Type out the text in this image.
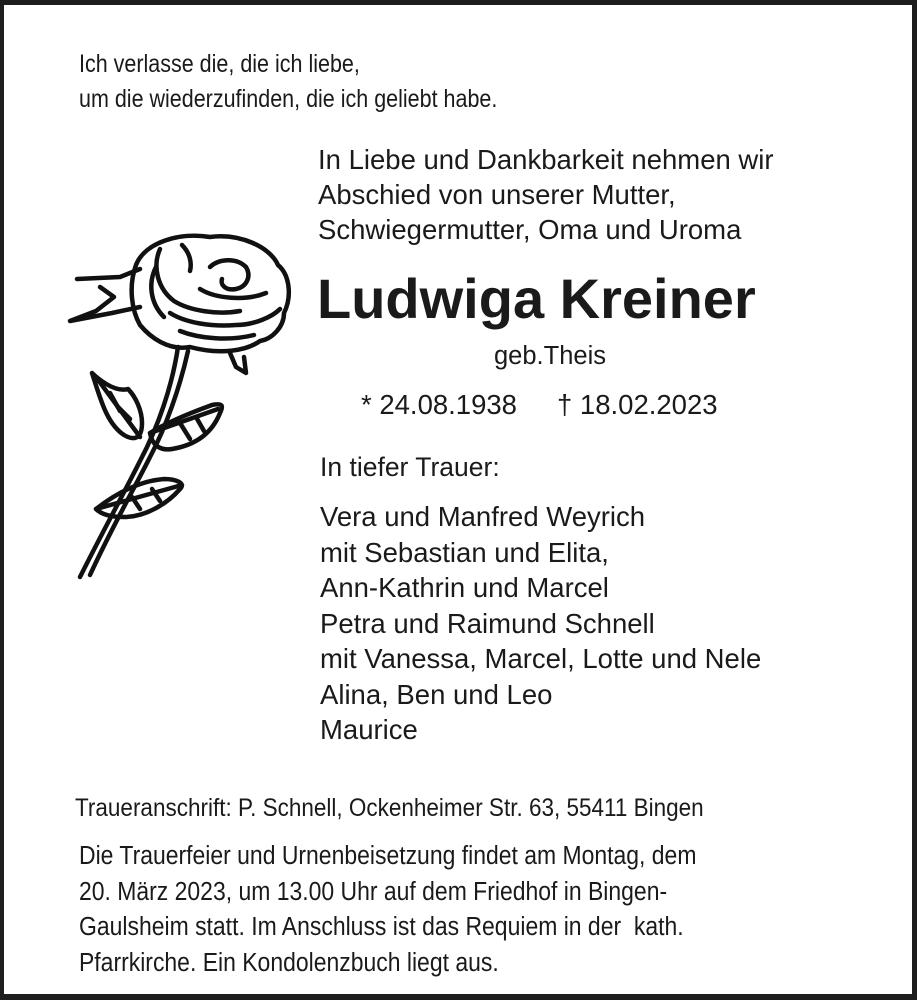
Ich verlasse die, die ich liebe,
um die wiederzufinden, die ich geliebt habe.
In Liebe und Dankbarkeit nehmen wir
Abschied von unserer Mutter,
Schwiegermutter, Oma und Uroma
Ludwiga Kreiner
geb.Theis
* 24.08.1938 † 18.02.2023
In tiefer Trauer:
Vera und Manfred Weyrich
mit Sebastian und Elita,
Ann-Kathrin und Marcel
Petra und Raimund Schnell
mit Vanessa, Marcel, Lotte und Nele
Alina, Ben und Leo
Maurice
Traueranschrift: P. Schnell, Ockenheimer Str. 63, 55411 Bingen
Die Trauerfeier und Urnenbeisetzung findet am Montag, dem
20. März 2023, um 13.00 Uhr auf dem Friedhof in Bingen-
Gaulsheim statt. Im Anschluss ist das Requiem in der  kath.
Pfarrkirche. Ein Kondolenzbuch liegt aus.
